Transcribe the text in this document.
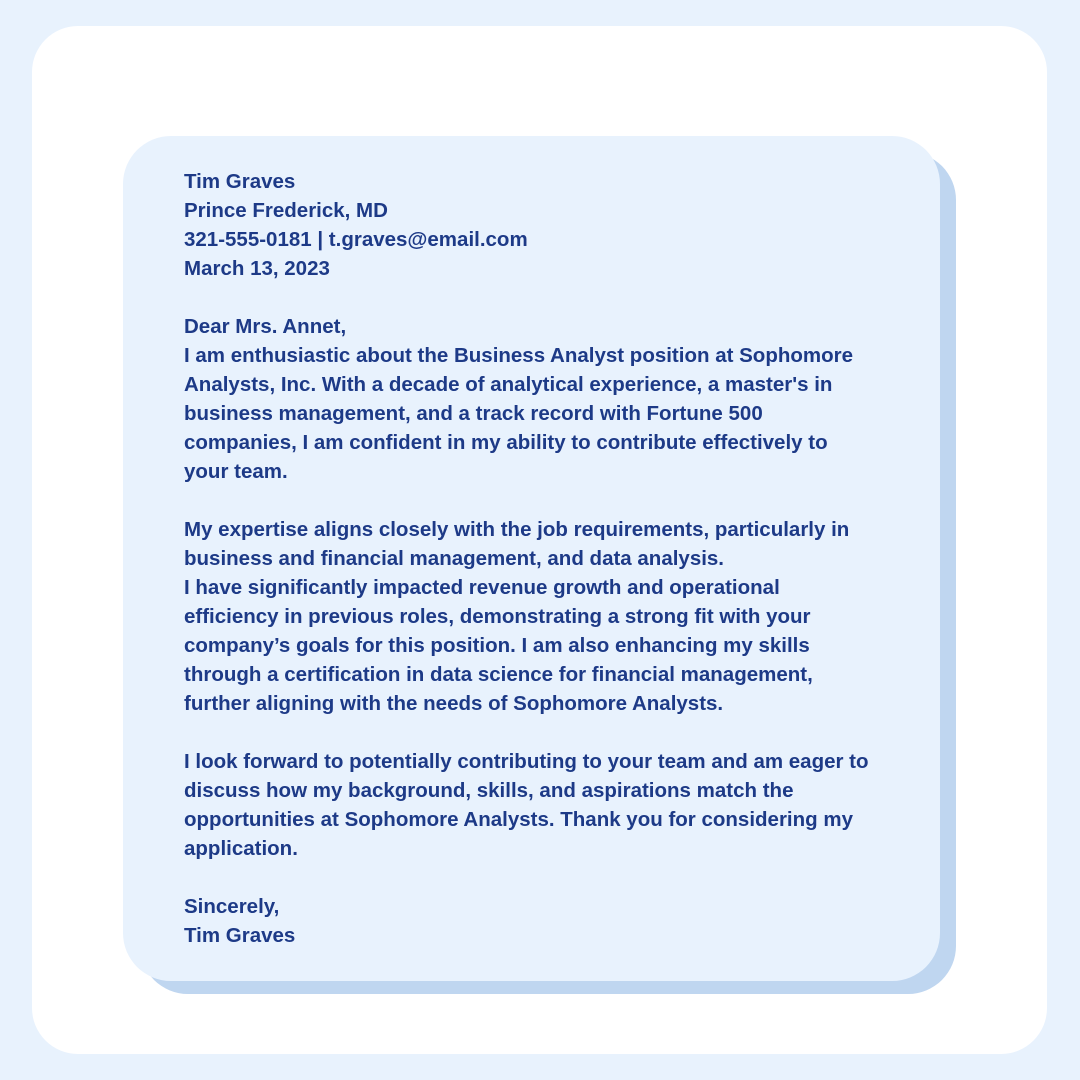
Tim Graves
Prince Frederick, MD
321-555-0181 | t.graves@email.com
March 13, 2023
Dear Mrs. Annet,
I am enthusiastic about the Business Analyst position at Sophomore
Analysts, Inc. With a decade of analytical experience, a master's in
business management, and a track record with Fortune 500
companies, I am confident in my ability to contribute effectively to
your team.
My expertise aligns closely with the job requirements, particularly in
business and financial management, and data analysis.
I have significantly impacted revenue growth and operational
efficiency in previous roles, demonstrating a strong fit with your
company’s goals for this position. I am also enhancing my skills
through a certification in data science for financial management,
further aligning with the needs of Sophomore Analysts.
I look forward to potentially contributing to your team and am eager to
discuss how my background, skills, and aspirations match the
opportunities at Sophomore Analysts. Thank you for considering my
application.
Sincerely,
Tim Graves
